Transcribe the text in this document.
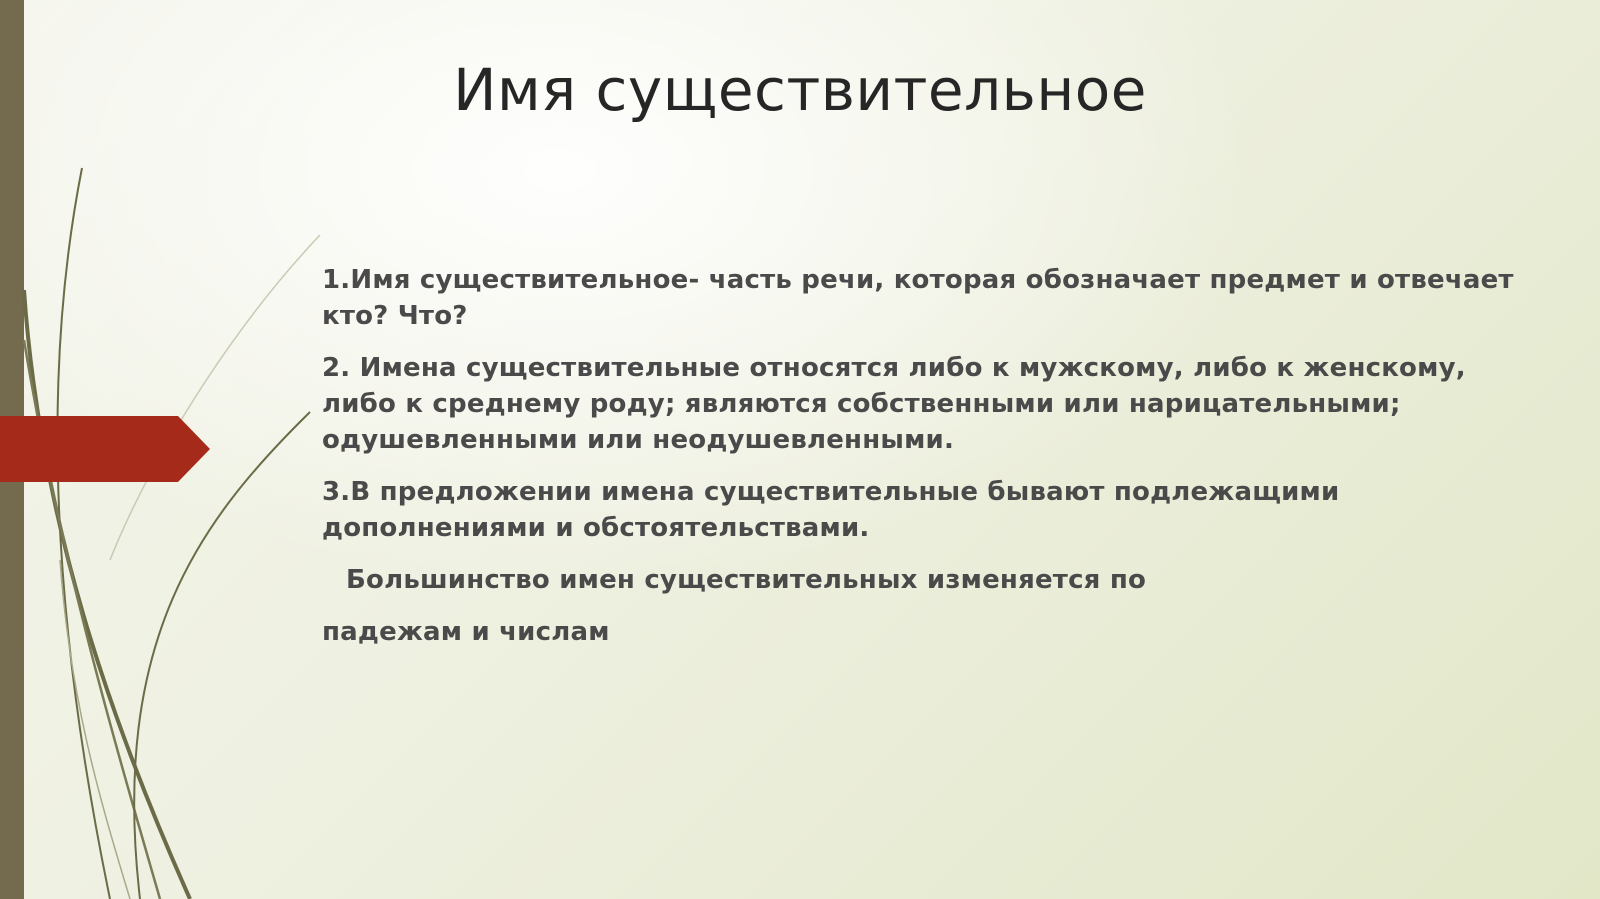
Имя существительное

1.Имя существительное- часть речи, которая обозначает предмет и отвечает кто? Что?

2. Имена существительные относятся либо к мужскому, либо к женскому, либо к среднему роду; являются собственными или нарицательными; одушевленными или неодушевленными.

3.В предложении имена существительные бывают подлежащими дополнениями и обстоятельствами.

Большинство имен существительных изменяется по

падежам и числам
